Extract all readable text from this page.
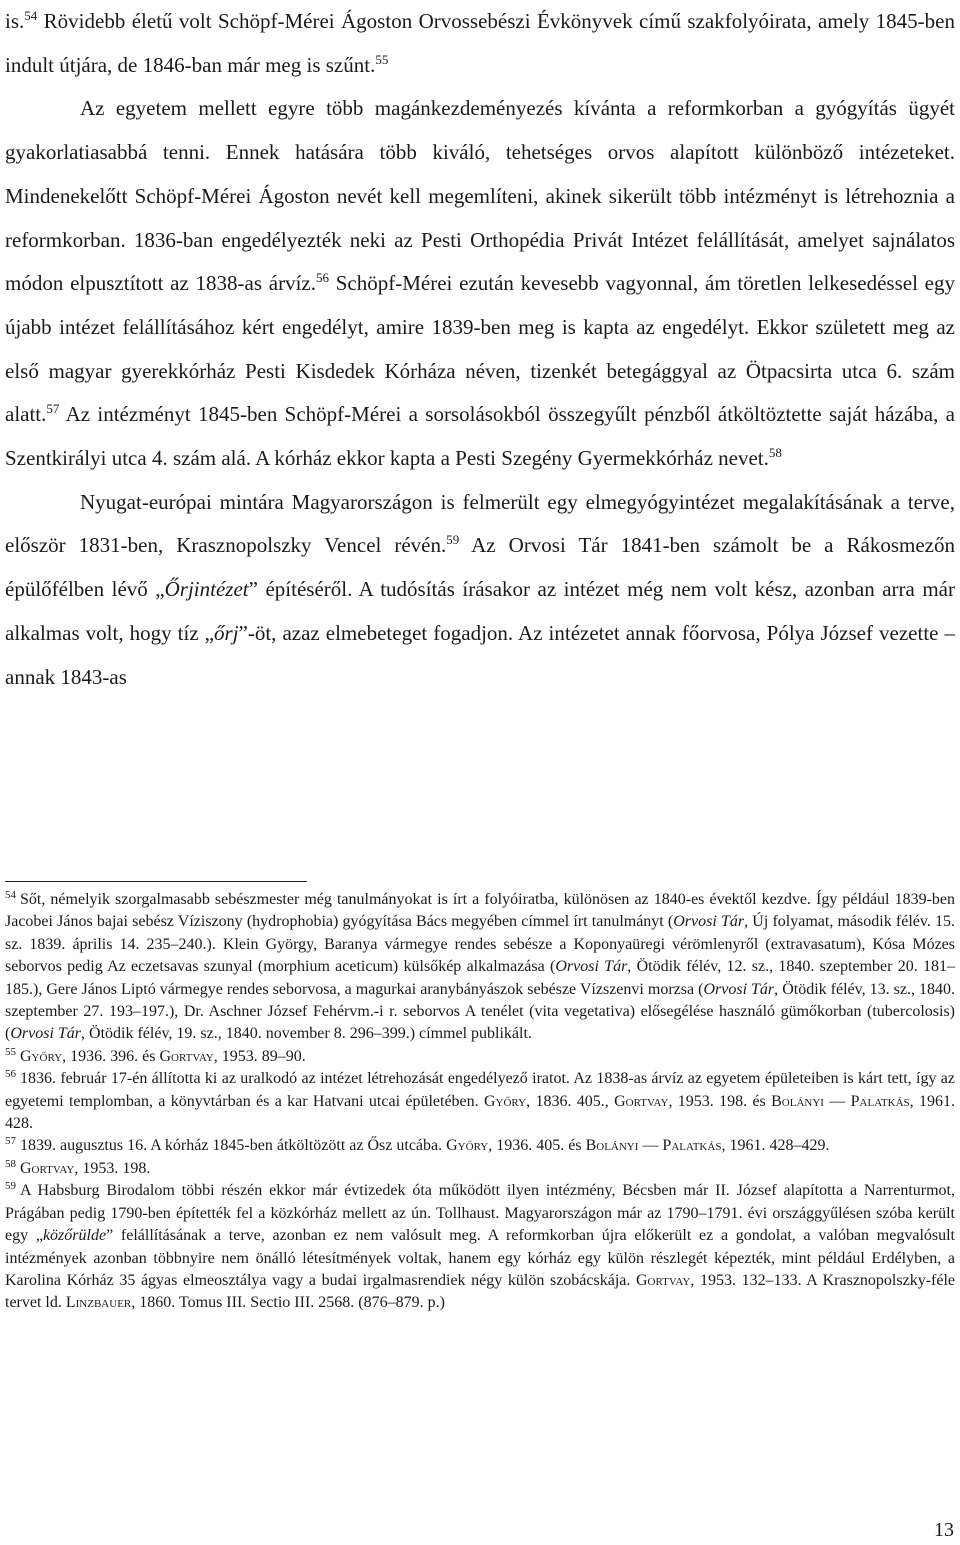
is.$^{54}$ Rövidebb életű volt Schöpf-Mérei Ágoston Orvossebészi Évkönyvek című szakfolyóirata, amely 1845-ben indult útjára, de 1846-ban már meg is szűnt.$^{55}$

Az egyetem mellett egyre több magánkezdeményezés kívánta a reformkorban a gyógyítás ügyét gyakorlatiasabbá tenni. Ennek hatására több kiváló, tehetséges orvos alapított különböző intézeteket. Mindenekelőtt Schöpf-Mérei Ágoston nevét kell megemlíteni, akinek sikerült több intézményt is létrehoznia a reformkorban. 1836-ban engedélyezték neki az Pesti Orthopédia Privát Intézet felállítását, amelyet sajnálatos módon elpusztított az 1838-as árvíz.$^{56}$ Schöpf-Mérei ezután kevesebb vagyonnal, ám töretlen lelkesedéssel egy újabb intézet felállításához kért engedélyt, amire 1839-ben meg is kapta az engedélyt. Ekkor született meg az első magyar gyerekkórház Pesti Kisdedek Kórháza néven, tizenkét betegággyal az Ötpacsirta utca 6. szám alatt.$^{57}$ Az intézményt 1845-ben Schöpf-Mérei a sorsolásokból összegyűlt pénzből átköltöztette saját házába, a Szentkirályi utca 4. szám alá. A kórház ekkor kapta a Pesti Szegény Gyermekkórház nevet.$^{58}$

Nyugat-európai mintára Magyarországon is felmerült egy elmegyógyintézet megalakításának a terve, először 1831-ben, Krasznopolszky Vencel révén.$^{59}$ Az Orvosi Tár 1841-ben számolt be a Rákosmezőn épülőfélben lévő „Őrjintézet” építéséről. A tudósítás írásakor az intézet még nem volt kész, azonban arra már alkalmas volt, hogy tíz „őrj”-öt, azaz elmebeteget fogadjon. Az intézetet annak főorvosa, Pólya József vezette – annak 1843-as

$^{54}$ Sőt, némelyik szorgalmasabb sebészmester még tanulmányokat is írt a folyóiratba, különösen az 1840-es évektől kezdve. Így például 1839-ben Jacobei János bajai sebész Víziszony (hydrophobia) gyógyítása Bács megyében címmel írt tanulmányt (Orvosi Tár, Új folyamat, második félév. 15. sz. 1839. április 14. 235–240.). Klein György, Baranya vármegye rendes sebésze a Koponyaüregi vérömlenyről (extravasatum), Kósa Mózes seborvos pedig Az eczetsavas szunyal (morphium aceticum) külsőkép alkalmazása (Orvosi Tár, Ötödik félév, 12. sz., 1840. szeptember 20. 181–185.), Gere János Liptó vármegye rendes seborvosa, a magurkai aranybányászok sebésze Vízszenvi morzsa (Orvosi Tár, Ötödik félév, 13. sz., 1840. szeptember 27. 193–197.), Dr. Aschner József Fehérvm.-i r. seborvos A tenélet (vita vegetativa) elősegélése használó gümőkorban (tubercolosis) (Orvosi Tár, Ötödik félév, 19. sz., 1840. november 8. 296–399.) címmel publikált.

$^{55}$ Győry, 1936. 396. és Gortvay, 1953. 89–90.

$^{56}$ 1836. február 17-én állította ki az uralkodó az intézet létrehozását engedélyező iratot. Az 1838-as árvíz az egyetem épületeiben is kárt tett, így az egyetemi templomban, a könyvtárban és a kar Hatvani utcai épületében. Győry, 1836. 405., Gortvay, 1953. 198. és Bolányi — Palatkás, 1961. 428.

$^{57}$ 1839. augusztus 16. A kórház 1845-ben átköltözött az Ősz utcába. Győry, 1936. 405. és Bolányi — Palatkás, 1961. 428–429.

$^{58}$ Gortvay, 1953. 198.

$^{59}$ A Habsburg Birodalom többi részén ekkor már évtizedek óta működött ilyen intézmény, Bécsben már II. József alapította a Narrenturmot, Prágában pedig 1790-ben építették fel a közkórház mellett az ún. Tollhaust. Magyarországon már az 1790–1791. évi országgyűlésen szóba került egy „közőrülde” felállításának a terve, azonban ez nem valósult meg. A reformkorban újra előkerült ez a gondolat, a valóban megvalósult intézmények azonban többnyire nem önálló létesítmények voltak, hanem egy kórház egy külön részlegét képezték, mint például Erdélyben, a Karolina Kórház 35 ágyas elmeosztálya vagy a budai irgalmasrendiek négy külön szobácskája. Gortvay, 1953. 132–133. A Krasznopolszky-féle tervet ld. Linzbauer, 1860. Tomus III. Sectio III. 2568. (876–879. p.)

13
